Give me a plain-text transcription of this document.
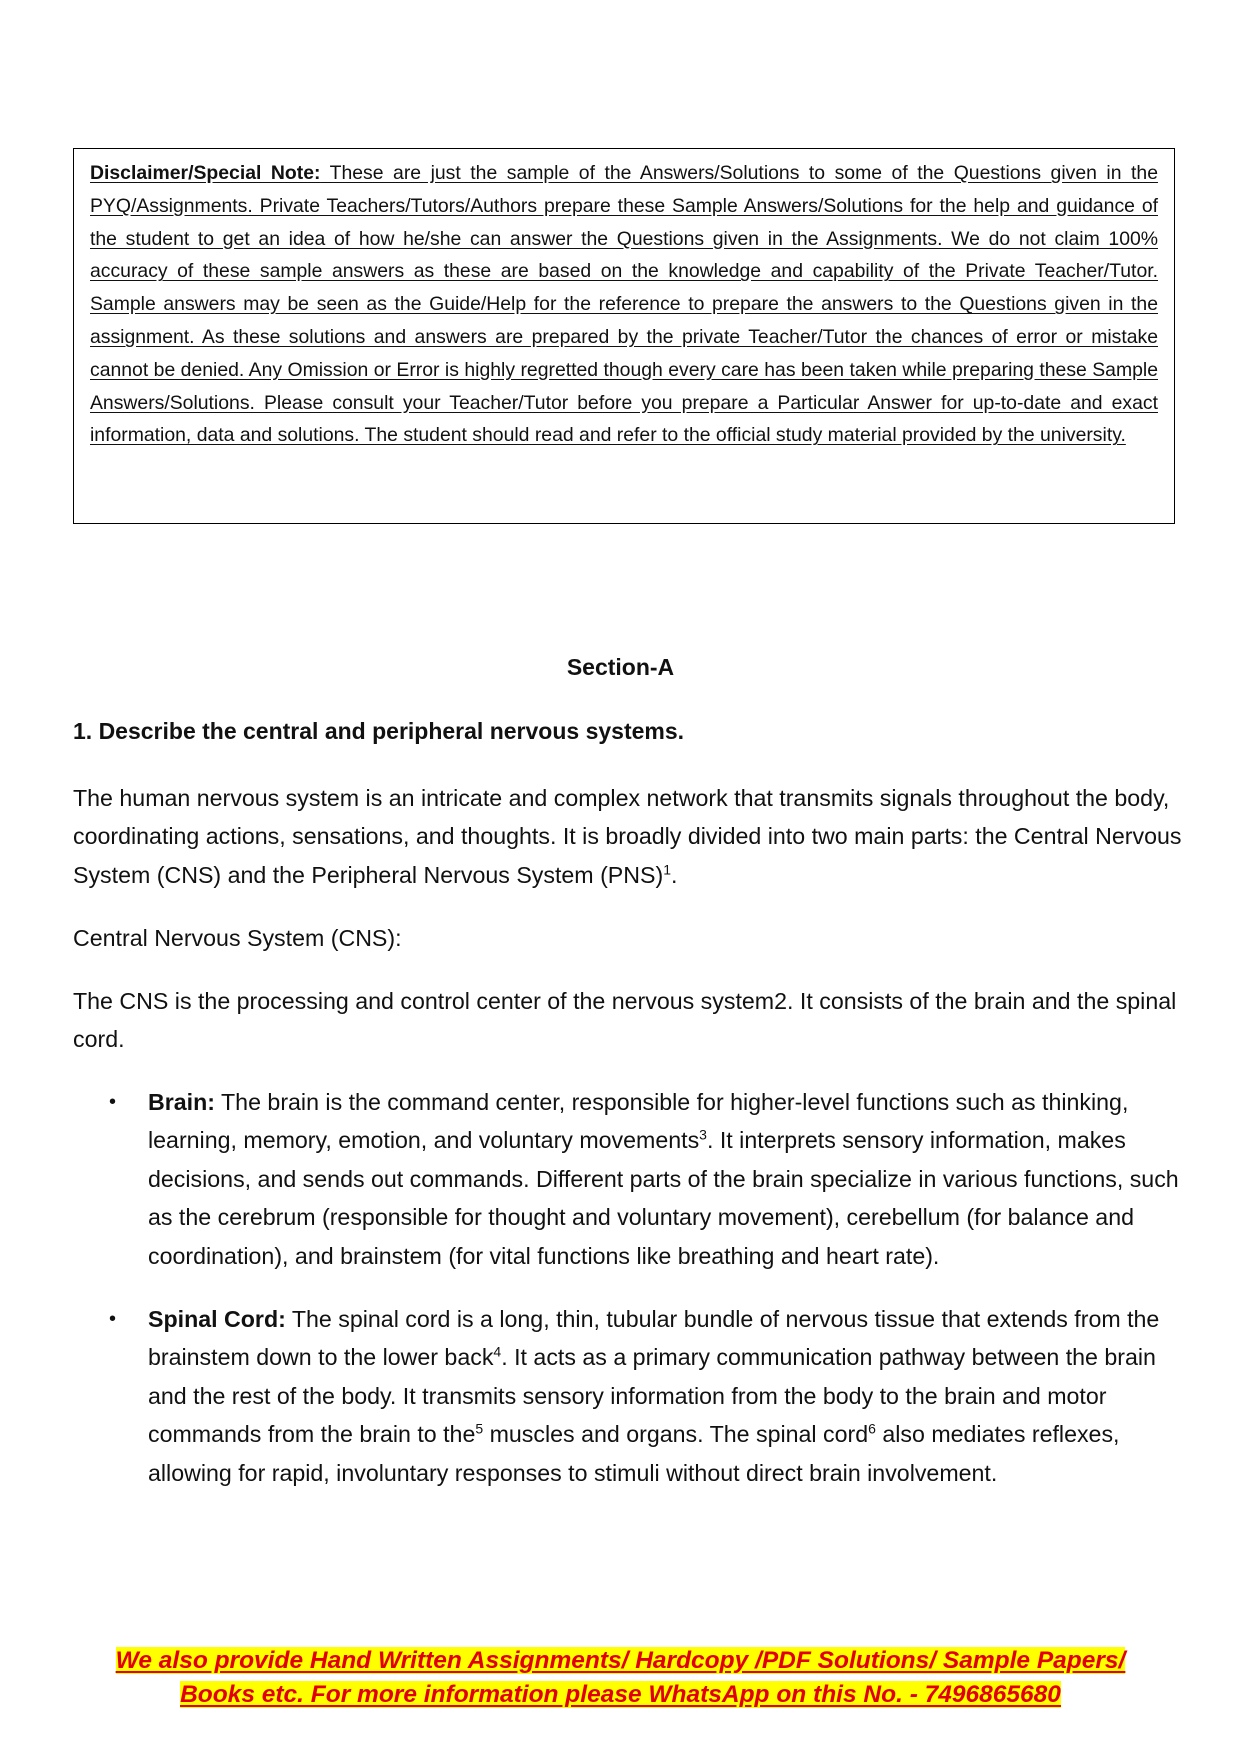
Disclaimer/Special Note: These are just the sample of the Answers/Solutions to some of the Questions given in the PYQ/Assignments. Private Teachers/Tutors/Authors prepare these Sample Answers/Solutions for the help and guidance of the student to get an idea of how he/she can answer the Questions given in the Assignments. We do not claim 100% accuracy of these sample answers as these are based on the knowledge and capability of the Private Teacher/Tutor. Sample answers may be seen as the Guide/Help for the reference to prepare the answers to the Questions given in the assignment. As these solutions and answers are prepared by the private Teacher/Tutor the chances of error or mistake cannot be denied. Any Omission or Error is highly regretted though every care has been taken while preparing these Sample Answers/Solutions. Please consult your Teacher/Tutor before you prepare a Particular Answer for up-to-date and exact information, data and solutions. The student should read and refer to the official study material provided by the university.
Section-A
1. Describe the central and peripheral nervous systems.

The human nervous system is an intricate and complex network that transmits signals throughout the body, coordinating actions, sensations, and thoughts. It is broadly divided into two main parts: the Central Nervous System (CNS) and the Peripheral Nervous System (PNS)$^1$.

Central Nervous System (CNS):

The CNS is the processing and control center of the nervous system2. It consists of the brain and the spinal cord.

• Brain: The brain is the command center, responsible for higher-level functions such as thinking, learning, memory, emotion, and voluntary movements$^3$. It interprets sensory information, makes decisions, and sends out commands. Different parts of the brain specialize in various functions, such as the cerebrum (responsible for thought and voluntary movement), cerebellum (for balance and coordination), and brainstem (for vital functions like breathing and heart rate).
• Spinal Cord: The spinal cord is a long, thin, tubular bundle of nervous tissue that extends from the brainstem down to the lower back$^4$. It acts as a primary communication pathway between the brain and the rest of the body. It transmits sensory information from the body to the brain and motor commands from the brain to the$^5$ muscles and organs. The spinal cord$^6$ also mediates reflexes, allowing for rapid, involuntary responses to stimuli without direct brain involvement.
We also provide Hand Written Assignments/ Hardcopy /PDF Solutions/ Sample Papers/
Books etc. For more information please WhatsApp on this No. - 7496865680
